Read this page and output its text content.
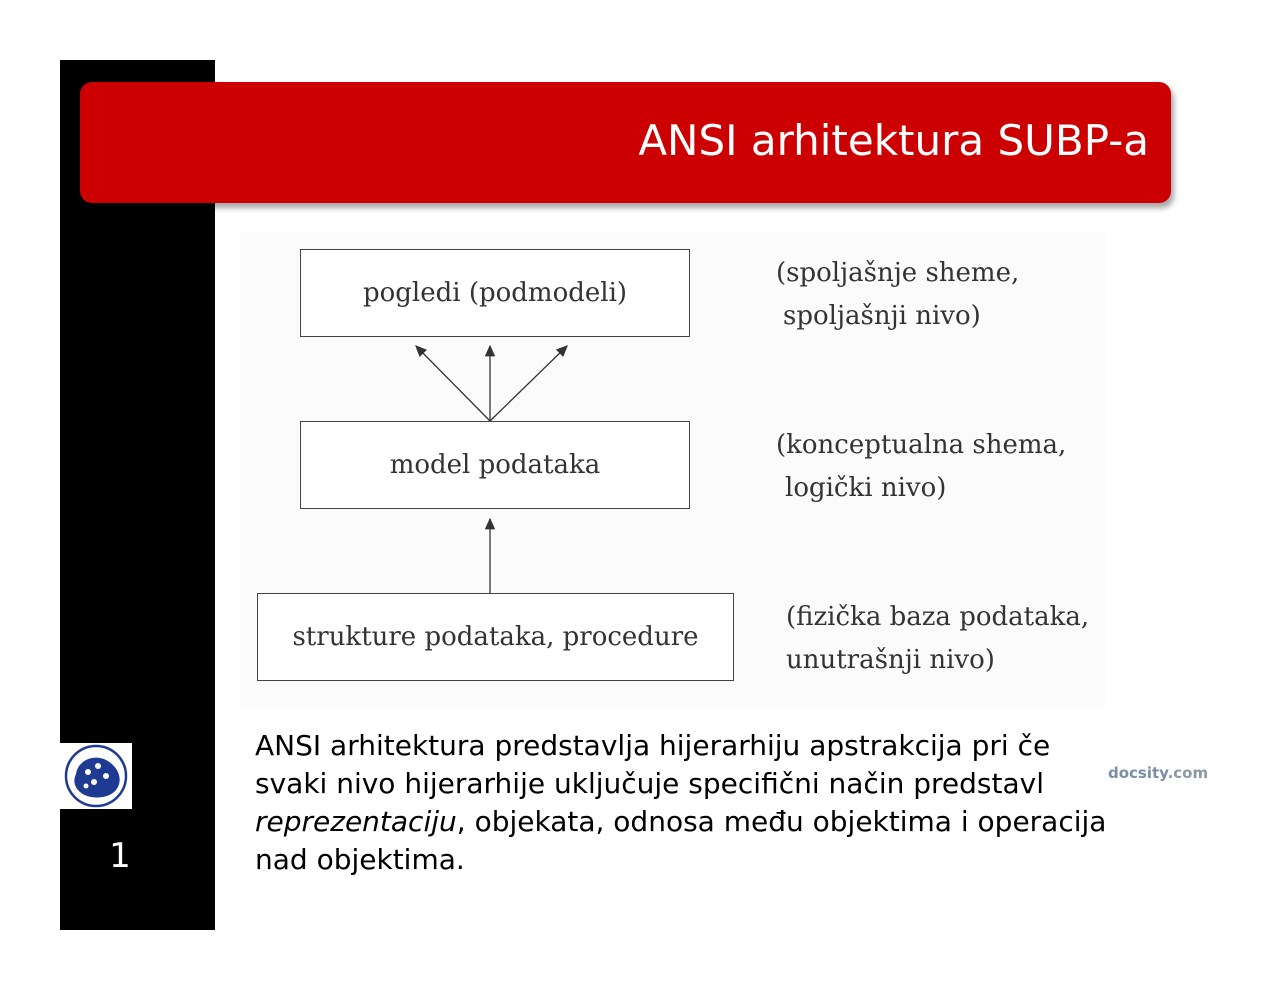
1
ANSI arhitektura SUBP-a
pogledi (podmodeli)
model podataka
strukture podataka, procedure
(spoljašnje sheme,
spoljašnji nivo)
(konceptualna shema,
logički nivo)
(fizička baza podataka,
unutrašnji nivo)

ANSI arhitektura predstavlja hijerarhiju apstrakcija pri če

svaki nivo hijerarhije uključuje specifični način predstavl

reprezentaciju, objekata, odnosa među objektima i operacija

nad objektima.

docsity.com
